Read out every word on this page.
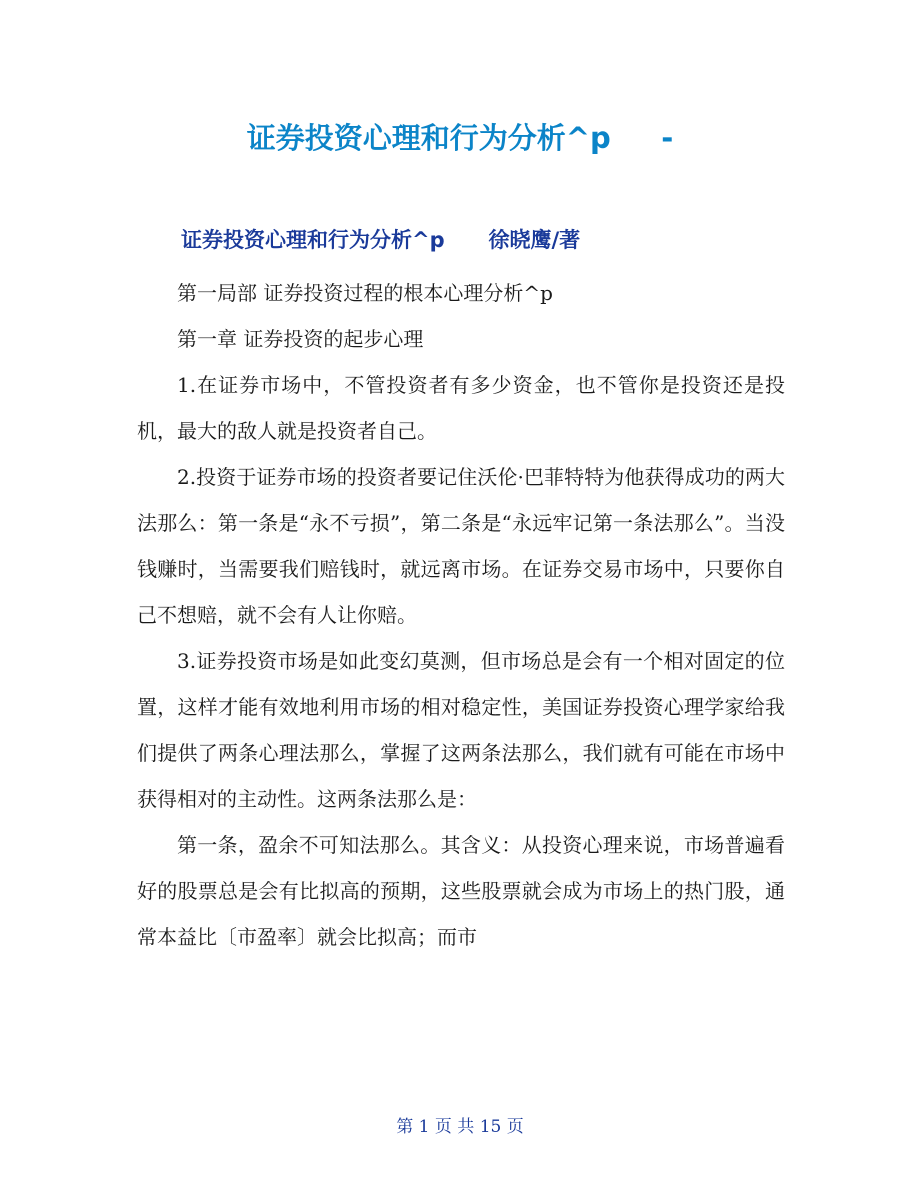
证券投资心理和行为分析^p     -
证券投资心理和行为分析^p      徐晓鹰/著

第一局部 证券投资过程的根本心理分析^p

第一章 证券投资的起步心理

1.在证券市场中，不管投资者有多少资金，也不管你是投资还是投机，最大的敌人就是投资者自己。

2.投资于证券市场的投资者要记住沃伦·巴菲特特为他获得成功的两大法那么：第一条是“永不亏损”，第二条是“永远牢记第一条法那么”。当没钱赚时，当需要我们赔钱时，就远离市场。在证券交易市场中，只要你自己不想赔，就不会有人让你赔。

3.证券投资市场是如此变幻莫测，但市场总是会有一个相对固定的位置，这样才能有效地利用市场的相对稳定性，美国证券投资心理学家给我们提供了两条心理法那么，掌握了这两条法那么，我们就有可能在市场中获得相对的主动性。这两条法那么是：

第一条，盈余不可知法那么。其含义：从投资心理来说，市场普遍看好的股票总是会有比拟高的预期，这些股票就会成为市场上的热门股，通常本益比〔市盈率〕就会比拟高；而市

第 1 页 共 15 页
